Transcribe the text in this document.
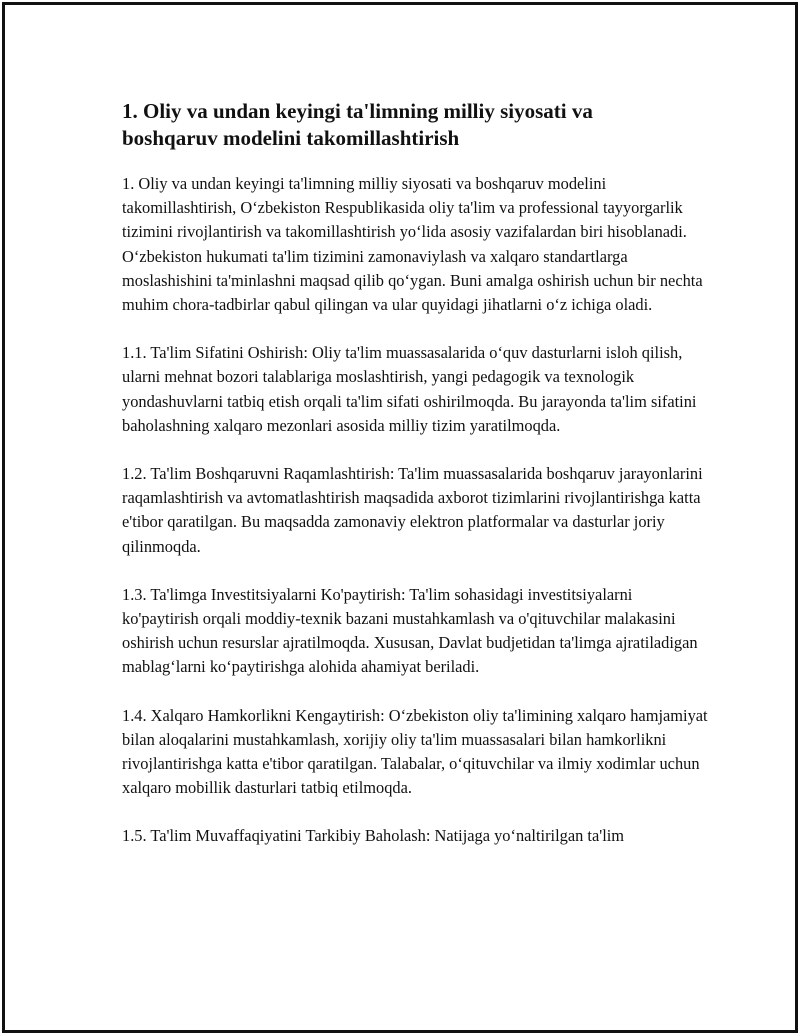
1. Oliy va undan keyingi ta'limning milliy siyosati va
boshqaruv modelini takomillashtirish

1. Oliy va undan keyingi ta'limning milliy siyosati va boshqaruv modelini takomillashtirish, O‘zbekiston Respublikasida oliy ta'lim va professional tayyorgarlik tizimini rivojlantirish va takomillashtirish yo‘lida asosiy vazifalardan biri hisoblanadi. O‘zbekiston hukumati ta'lim tizimini zamonaviylash va xalqaro standartlarga moslashishini ta'minlashni maqsad qilib qo‘ygan. Buni amalga oshirish uchun bir nechta muhim chora-tadbirlar qabul qilingan va ular quyidagi jihatlarni o‘z ichiga oladi.

1.1. Ta'lim Sifatini Oshirish: Oliy ta'lim muassasalarida o‘quv dasturlarni isloh qilish, ularni mehnat bozori talablariga moslashtirish, yangi pedagogik va texnologik yondashuvlarni tatbiq etish orqali ta'lim sifati oshirilmoqda. Bu jarayonda ta'lim sifatini baholashning xalqaro mezonlari asosida milliy tizim yaratilmoqda.

1.2. Ta'lim Boshqaruvni Raqamlashtirish: Ta'lim muassasalarida boshqaruv jarayonlarini raqamlashtirish va avtomatlashtirish maqsadida axborot tizimlarini rivojlantirishga katta e'tibor qaratilgan. Bu maqsadda zamonaviy elektron platformalar va dasturlar joriy qilinmoqda.

1.3. Ta'limga Investitsiyalarni Ko'paytirish: Ta'lim sohasidagi investitsiyalarni ko'paytirish orqali moddiy-texnik bazani mustahkamlash va o'qituvchilar malakasini oshirish uchun resurslar ajratilmoqda. Xususan, Davlat budjetidan ta'limga ajratiladigan mablag‘larni ko‘paytirishga alohida ahamiyat beriladi.

1.4. Xalqaro Hamkorlikni Kengaytirish: O‘zbekiston oliy ta'limining xalqaro hamjamiyat bilan aloqalarini mustahkamlash, xorijiy oliy ta'lim muassasalari bilan hamkorlikni rivojlantirishga katta e'tibor qaratilgan. Talabalar, o‘qituvchilar va ilmiy xodimlar uchun xalqaro mobillik dasturlari tatbiq etilmoqda.

1.5. Ta'lim Muvaffaqiyatini Tarkibiy Baholash: Natijaga yo‘naltirilgan ta'lim
